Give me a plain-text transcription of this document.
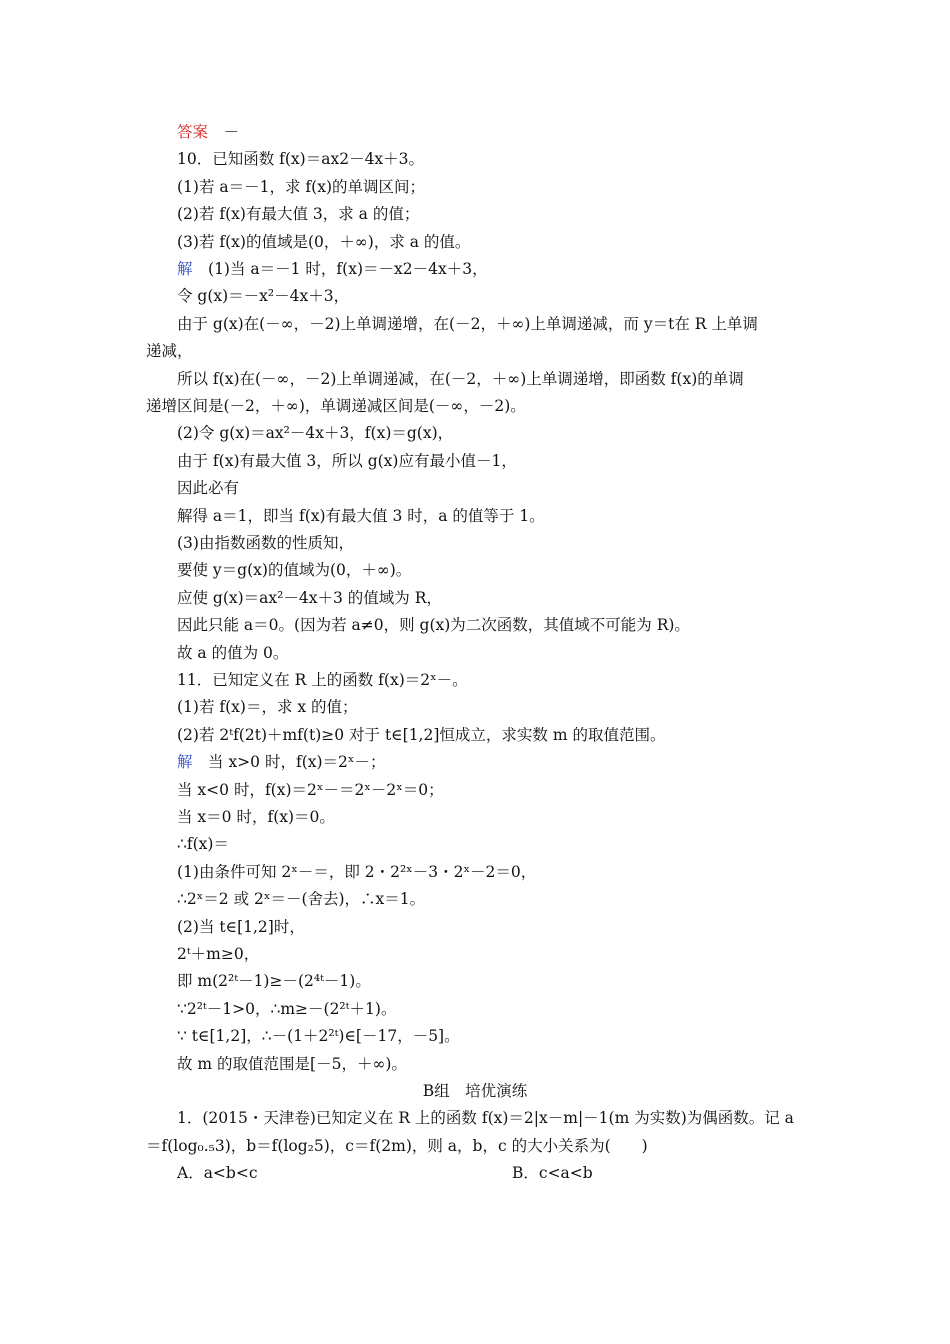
答案　－
10．已知函数 f(x)＝ax2－4x＋3。
(1)若 a＝－1，求 f(x)的单调区间；
(2)若 f(x)有最大值 3，求 a 的值；
(3)若 f(x)的值域是(0，＋∞)，求 a 的值。
解　(1)当 a＝－1 时，f(x)＝－x2－4x＋3，
令 g(x)＝－x²－4x＋3，
由于 g(x)在(－∞，－2)上单调递增，在(－2，＋∞)上单调递减，而 y＝t在 R 上单调
递减，
所以 f(x)在(－∞，－2)上单调递减，在(－2，＋∞)上单调递增，即函数 f(x)的单调
递增区间是(－2，＋∞)，单调递减区间是(－∞，－2)。
(2)令 g(x)＝ax²－4x＋3，f(x)＝g(x)，
由于 f(x)有最大值 3，所以 g(x)应有最小值－1，
因此必有
解得 a＝1，即当 f(x)有最大值 3 时，a 的值等于 1。
(3)由指数函数的性质知，
要使 y＝g(x)的值域为(0，＋∞)。
应使 g(x)＝ax²－4x＋3 的值域为 R，
因此只能 a＝0。(因为若 a≠0，则 g(x)为二次函数，其值域不可能为 R)。
故 a 的值为 0。
11．已知定义在 R 上的函数 f(x)＝2ˣ－。
(1)若 f(x)＝，求 x 的值；
(2)若 2ᵗf(2t)＋mf(t)≥0 对于 t∈[1,2]恒成立，求实数 m 的取值范围。
解　当 x>0 时，f(x)＝2ˣ－；
当 x<0 时，f(x)＝2ˣ－＝2ˣ－2ˣ＝0；
当 x＝0 时，f(x)＝0。
∴f(x)＝
(1)由条件可知 2ˣ－＝，即 2・2²ˣ－3・2ˣ－2＝0，
∴2ˣ＝2 或 2ˣ＝－(舍去)，∴x＝1。
(2)当 t∈[1,2]时，
2ᵗ＋m≥0，
即 m(2²ᵗ－1)≥－(2⁴ᵗ－1)。
∵2²ᵗ－1>0，∴m≥－(2²ᵗ＋1)。
∵ t∈[1,2]，∴－(1＋2²ᵗ)∈[－17，－5]。
故 m 的取值范围是[－5，＋∞)。
B组　培优演练
1．(2015・天津卷)已知定义在 R 上的函数 f(x)＝2|x－m|－1(m 为实数)为偶函数。记 a
＝f(log₀.₅3)，b＝f(log₂5)，c＝f(2m)，则 a，b，c 的大小关系为(　　)
A．a<b<c	B．c<a<b
